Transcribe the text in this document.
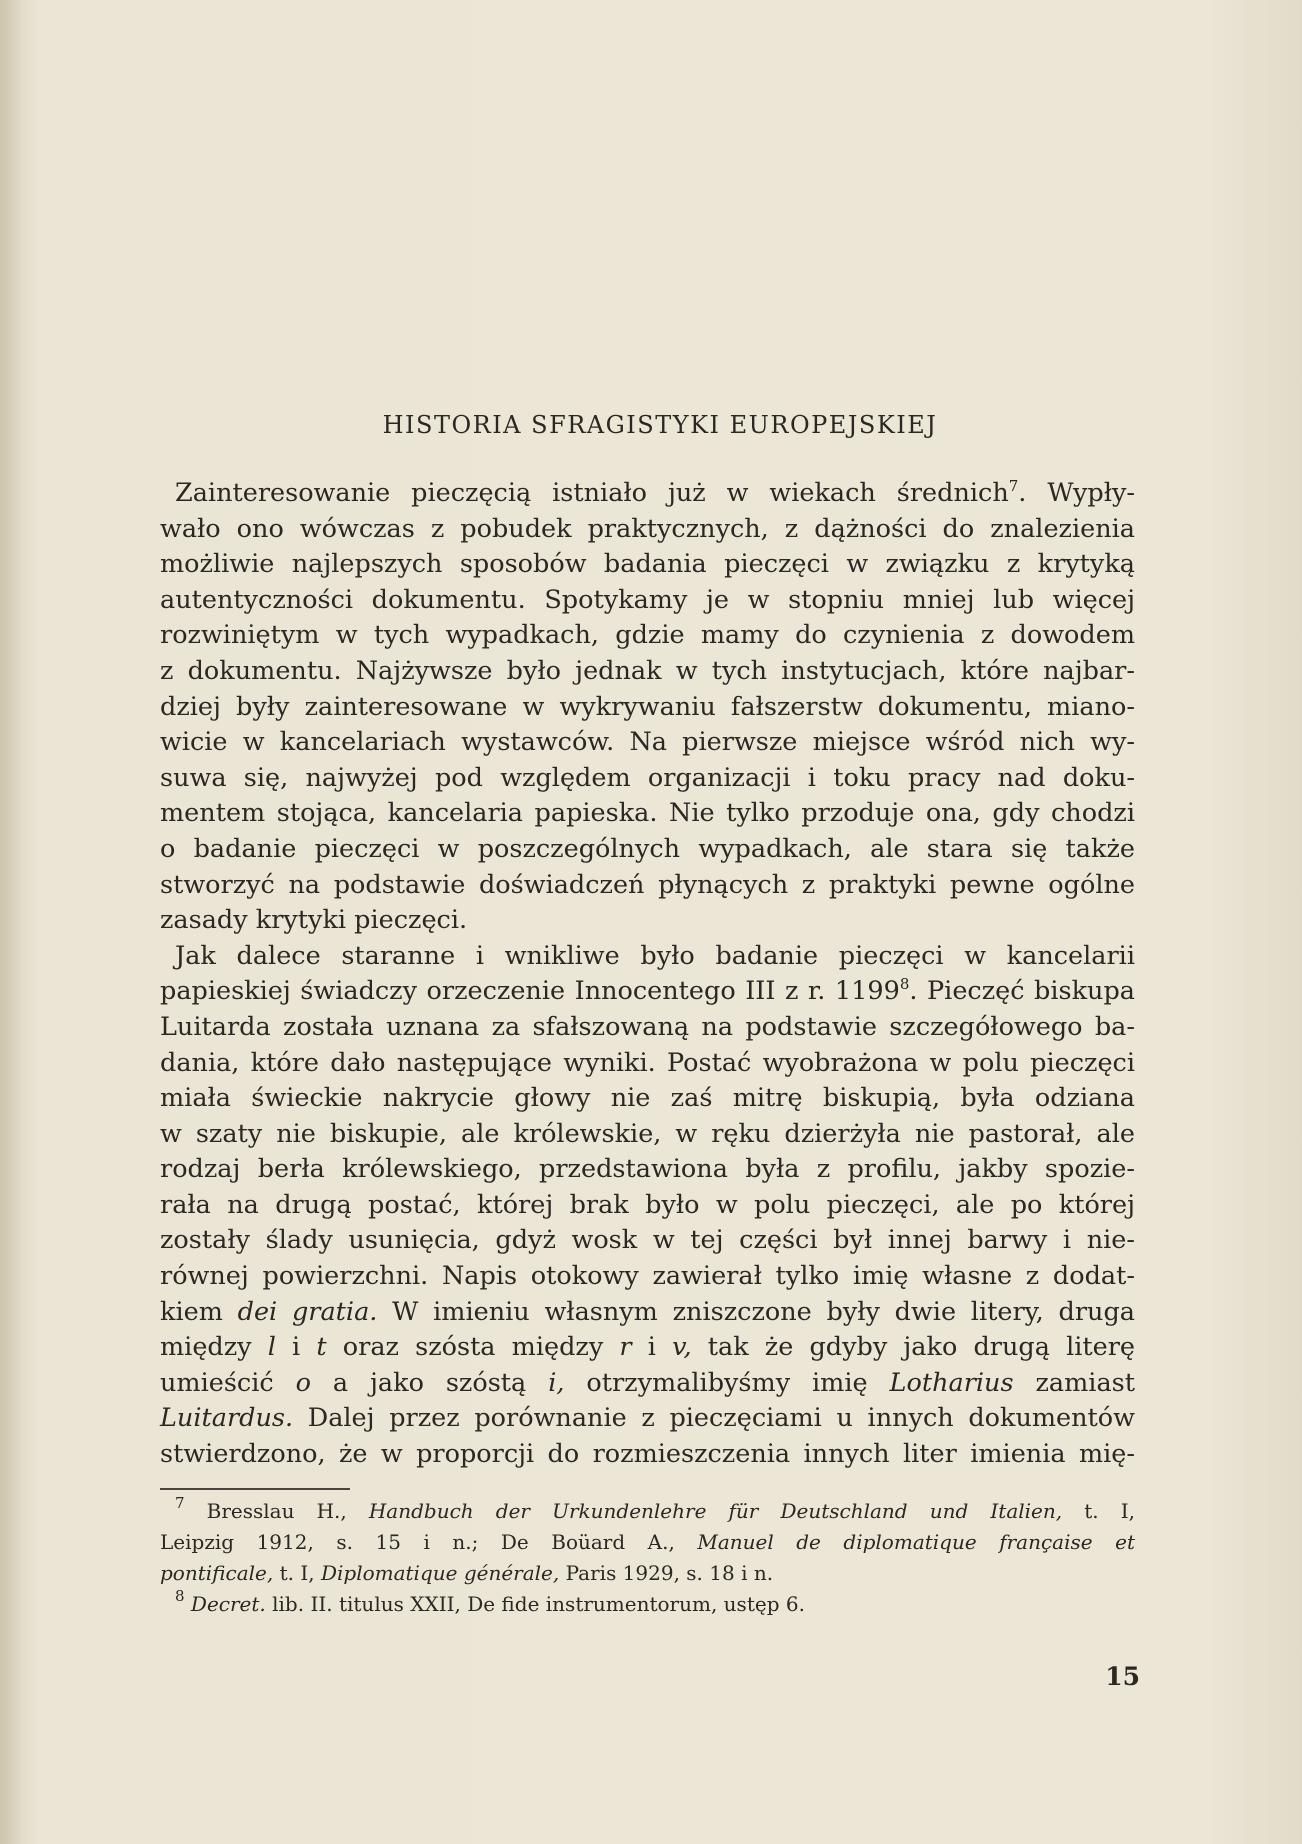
HISTORIA SFRAGISTYKI EUROPEJSKIEJ
Zainteresowanie pieczęcią istniało już w wiekach średnich$^7$. Wypły-
wało ono wówczas z pobudek praktycznych, z dążności do znalezienia
możliwie najlepszych sposobów badania pieczęci w związku z krytyką
autentyczności dokumentu. Spotykamy je w stopniu mniej lub więcej
rozwiniętym w tych wypadkach, gdzie mamy do czynienia z dowodem
z dokumentu. Najżywsze było jednak w tych instytucjach, które najbar-
dziej były zainteresowane w wykrywaniu fałszerstw dokumentu, miano-
wicie w kancelariach wystawców. Na pierwsze miejsce wśród nich wy-
suwa się, najwyżej pod względem organizacji i toku pracy nad doku-
mentem stojąca, kancelaria papieska. Nie tylko przoduje ona, gdy chodzi
o badanie pieczęci w poszczególnych wypadkach, ale stara się także
stworzyć na podstawie doświadczeń płynących z praktyki pewne ogólne
zasady krytyki pieczęci.
Jak dalece staranne i wnikliwe było badanie pieczęci w kancelarii
papieskiej świadczy orzeczenie Innocentego III z r. 1199$^8$. Pieczęć biskupa
Luitarda została uznana za sfałszowaną na podstawie szczegółowego ba-
dania, które dało następujące wyniki. Postać wyobrażona w polu pieczęci
miała świeckie nakrycie głowy nie zaś mitrę biskupią, była odziana
w szaty nie biskupie, ale królewskie, w ręku dzierżyła nie pastorał, ale
rodzaj berła królewskiego, przedstawiona była z profilu, jakby spozie-
rała na drugą postać, której brak było w polu pieczęci, ale po której
zostały ślady usunięcia, gdyż wosk w tej części był innej barwy i nie-
równej powierzchni. Napis otokowy zawierał tylko imię własne z dodat-
kiem dei gratia. W imieniu własnym zniszczone były dwie litery, druga
między l i t oraz szósta między r i v, tak że gdyby jako drugą literę
umieścić o a jako szóstą i, otrzymalibyśmy imię Lotharius zamiast
Luitardus. Dalej przez porównanie z pieczęciami u innych dokumentów
stwierdzono, że w proporcji do rozmieszczenia innych liter imienia mię-
$^7$ Bresslau H., Handbuch der Urkundenlehre für Deutschland und Italien, t. I,
Leipzig 1912, s. 15 i n.; De Boüard A., Manuel de diplomatique française et
pontificale, t. I, Diplomatique générale, Paris 1929, s. 18 i n.
$^8$ Decret. lib. II. titulus XXII, De fide instrumentorum, ustęp 6.
15
